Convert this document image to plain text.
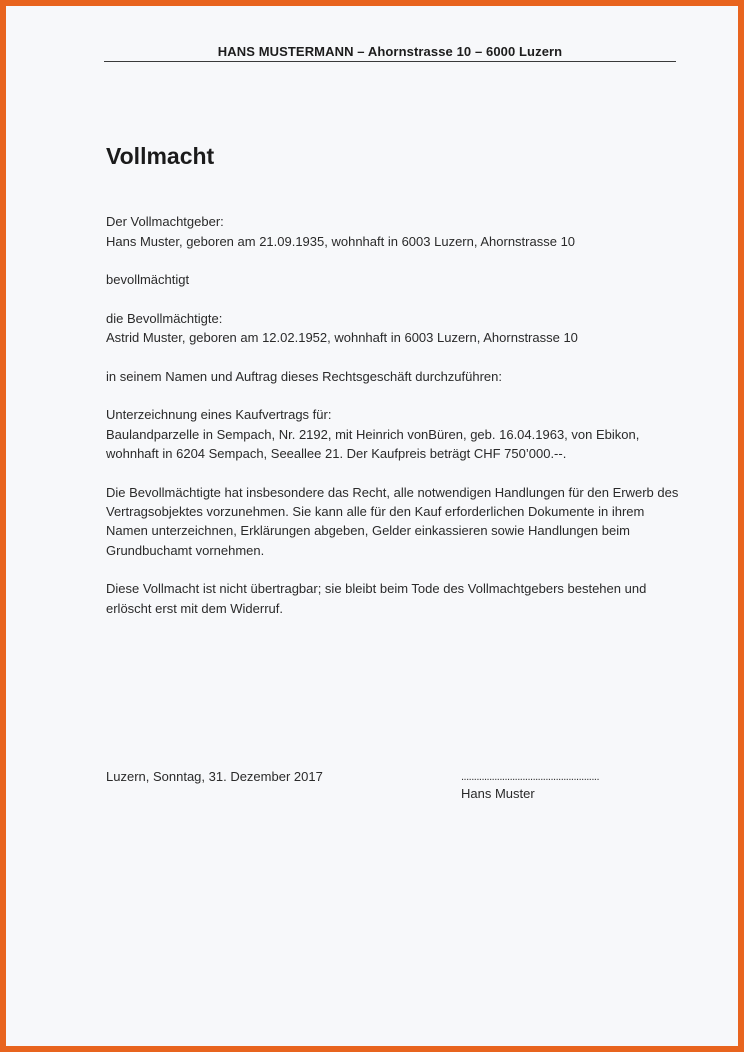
HANS MUSTERMANN – Ahornstrasse 10 – 6000 Luzern
Vollmacht
Der Vollmachtgeber:
Hans Muster, geboren am 21.09.1935, wohnhaft in 6003 Luzern, Ahornstrasse 10
bevollmächtigt
die Bevollmächtigte:
Astrid Muster, geboren am 12.02.1952, wohnhaft in 6003 Luzern, Ahornstrasse 10
in seinem Namen und Auftrag dieses Rechtsgeschäft durchzuführen:
Unterzeichnung eines Kaufvertrags für:
Baulandparzelle in Sempach, Nr. 2192, mit Heinrich vonBüren, geb. 16.04.1963, von Ebikon,
wohnhaft in 6204 Sempach, Seeallee 21. Der Kaufpreis beträgt CHF 750’000.--.
Die Bevollmächtigte hat insbesondere das Recht, alle notwendigen Handlungen für den Erwerb des
Vertragsobjektes vorzunehmen. Sie kann alle für den Kauf erforderlichen Dokumente in ihrem
Namen unterzeichnen, Erklärungen abgeben, Gelder einkassieren sowie Handlungen beim
Grundbuchamt vornehmen.
Diese Vollmacht ist nicht übertragbar; sie bleibt beim Tode des Vollmachtgebers bestehen und
erlöscht erst mit dem Widerruf.
Luzern, Sonntag, 31. Dezember 2017	......................................................
Hans Muster
